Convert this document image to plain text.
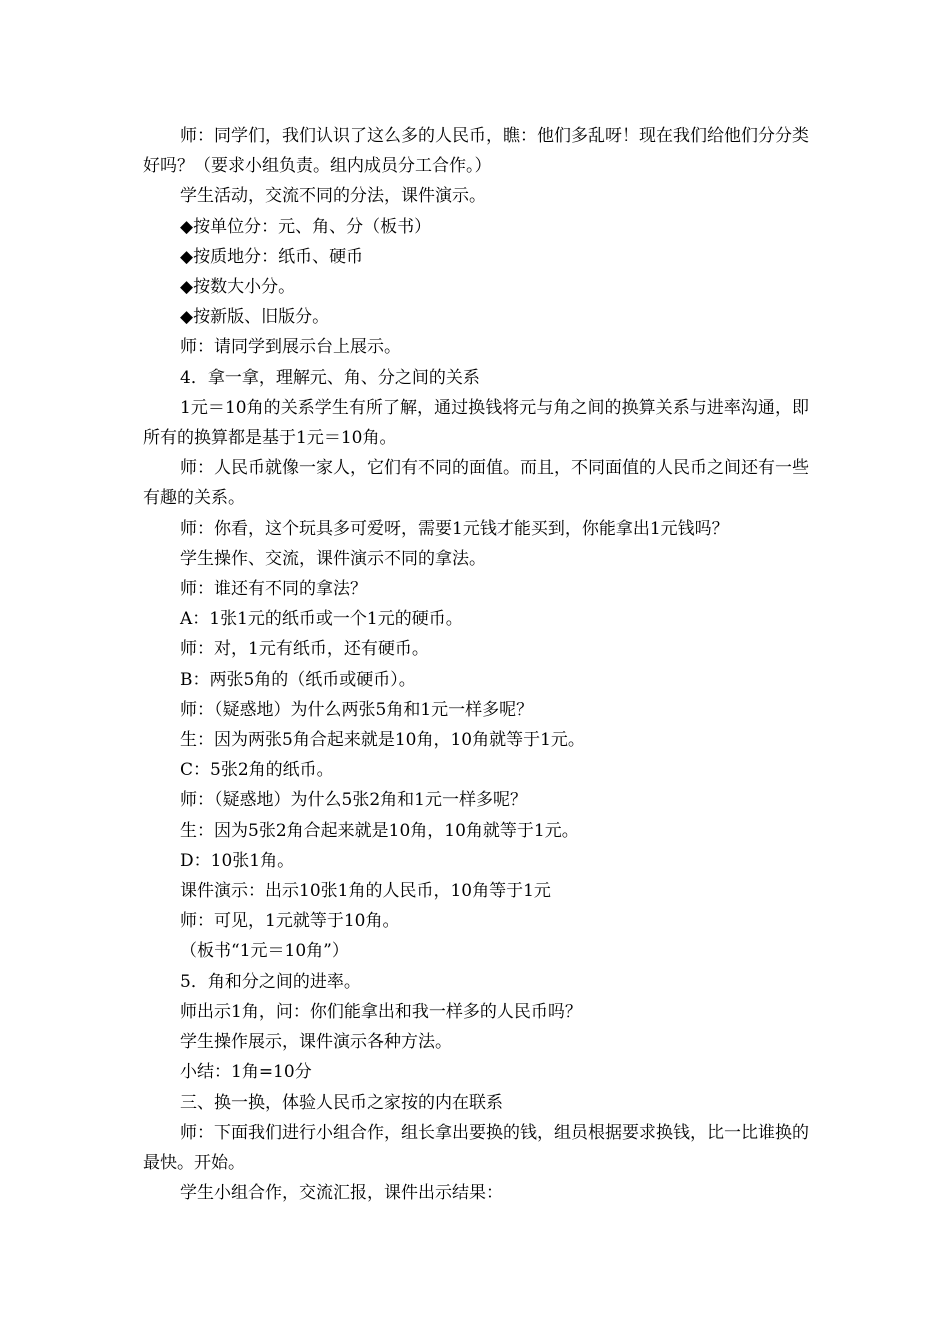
师：同学们，我们认识了这么多的人民币，瞧：他们多乱呀！现在我们给他们分分类好吗？（要求小组负责。组内成员分工合作。）

学生活动，交流不同的分法，课件演示。

◆按单位分：元、角、分（板书）

◆按质地分：纸币、硬币

◆按数大小分。

◆按新版、旧版分。

师：请同学到展示台上展示。

4．拿一拿，理解元、角、分之间的关系

1元＝10角的关系学生有所了解，通过换钱将元与角之间的换算关系与进率沟通，即所有的换算都是基于1元＝10角。

师：人民币就像一家人，它们有不同的面值。而且，不同面值的人民币之间还有一些有趣的关系。

师：你看，这个玩具多可爱呀，需要1元钱才能买到，你能拿出1元钱吗？

学生操作、交流，课件演示不同的拿法。

师：谁还有不同的拿法？

A：1张1元的纸币或一个1元的硬币。

师：对，1元有纸币，还有硬币。

B：两张5角的（纸币或硬币）。

师：（疑惑地）为什么两张5角和1元一样多呢？

生：因为两张5角合起来就是10角，10角就等于1元。

C：5张2角的纸币。

师：（疑惑地）为什么5张2角和1元一样多呢？

生：因为5张2角合起来就是10角，10角就等于1元。

D：10张1角。

课件演示：出示10张1角的人民币，10角等于1元

师：可见，1元就等于10角。

（板书“1元＝10角”）

5．角和分之间的进率。

师出示1角，问：你们能拿出和我一样多的人民币吗？

学生操作展示，课件演示各种方法。

小结：1角=10分

三、换一换，体验人民币之家按的内在联系

师：下面我们进行小组合作，组长拿出要换的钱，组员根据要求换钱，比一比谁换的最快。开始。

学生小组合作，交流汇报，课件出示结果：
